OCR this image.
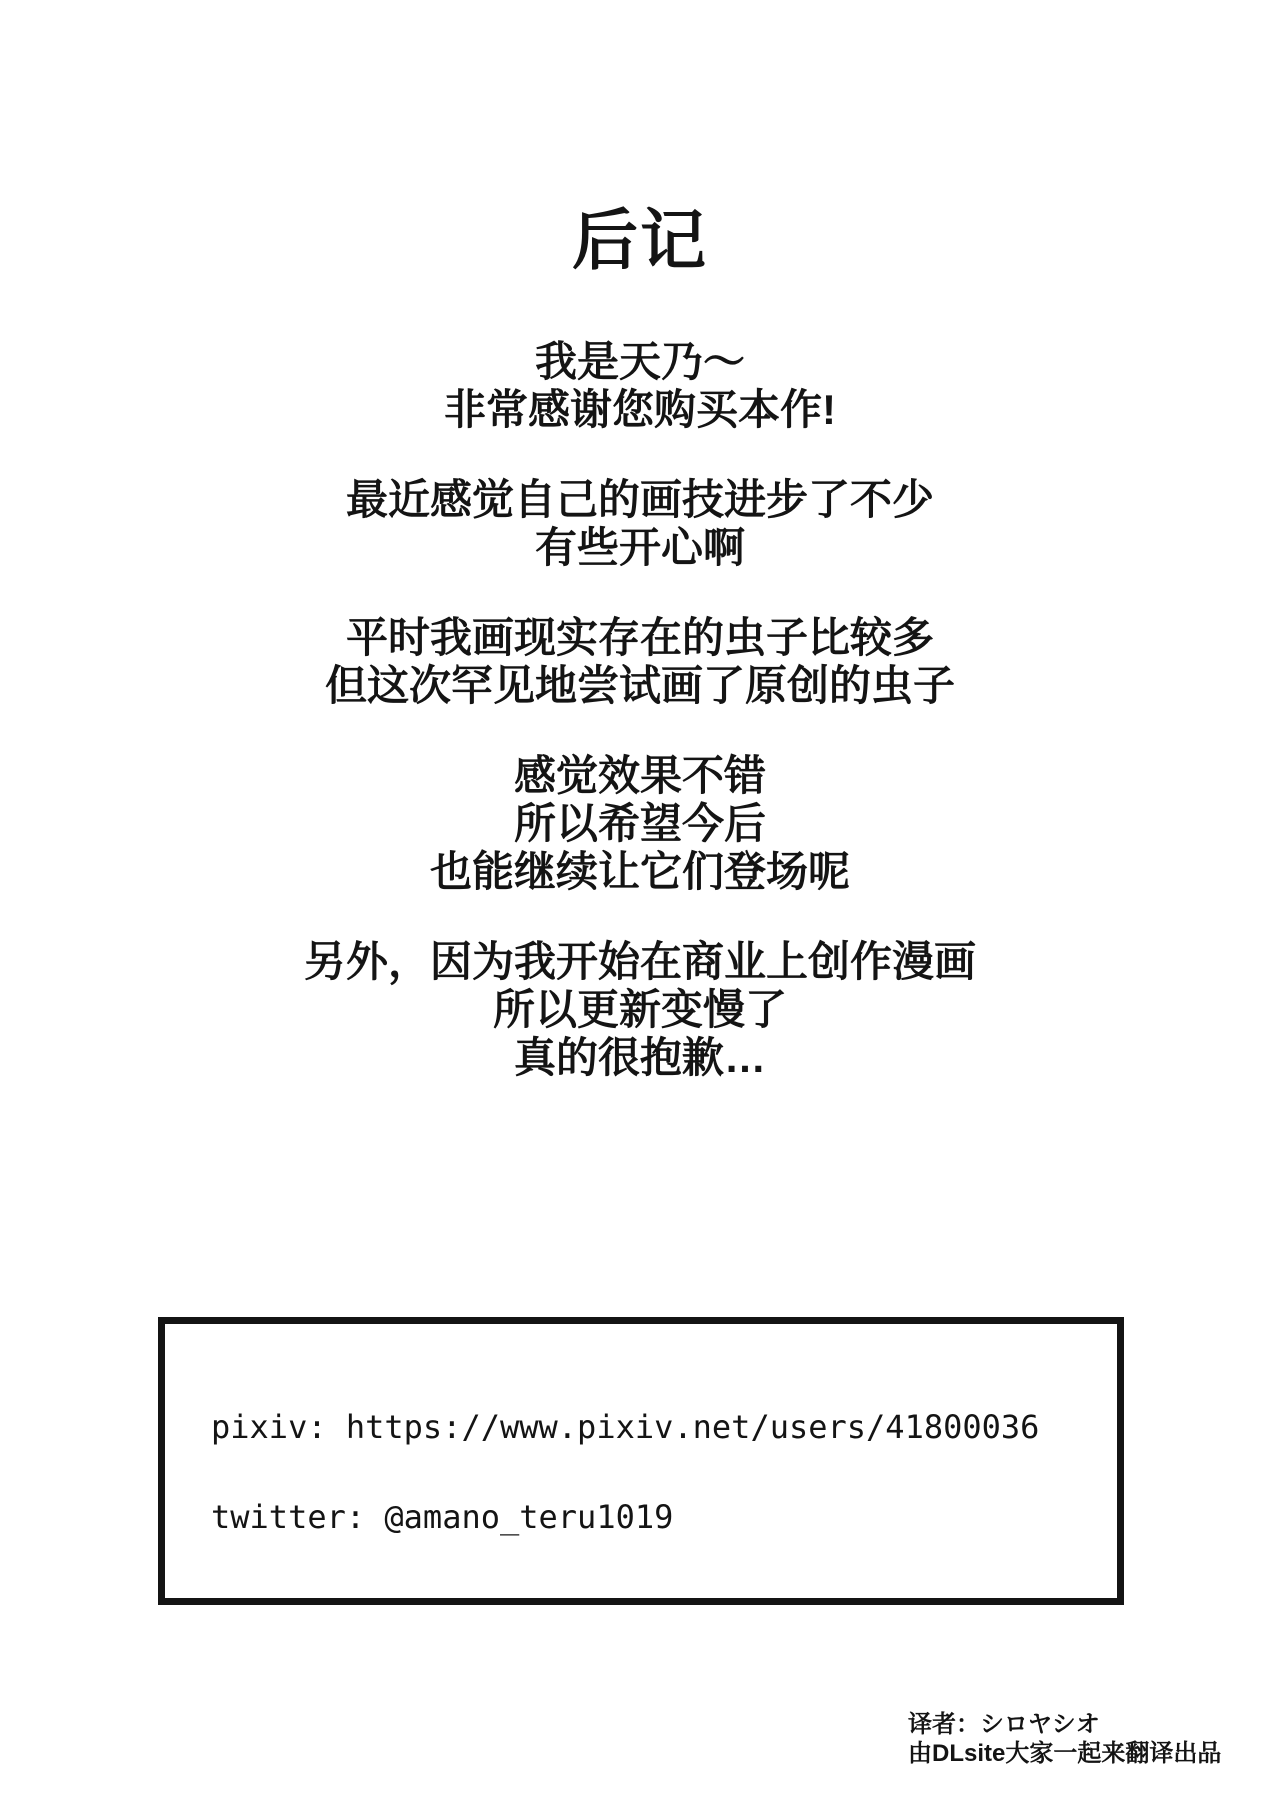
后记

我是天乃～
非常感谢您购买本作!

最近感觉自己的画技进步了不少
有些开心啊

平时我画现实存在的虫子比较多
但这次罕见地尝试画了原创的虫子

感觉效果不错
所以希望今后
也能继续让它们登场呢

另外，因为我开始在商业上创作漫画
所以更新变慢了
真的很抱歉…

pixiv: https://www.pixiv.net/users/41800036
twitter: @amano_teru1019
译者：シロヤシオ
由DLsite大家一起来翻译出品
